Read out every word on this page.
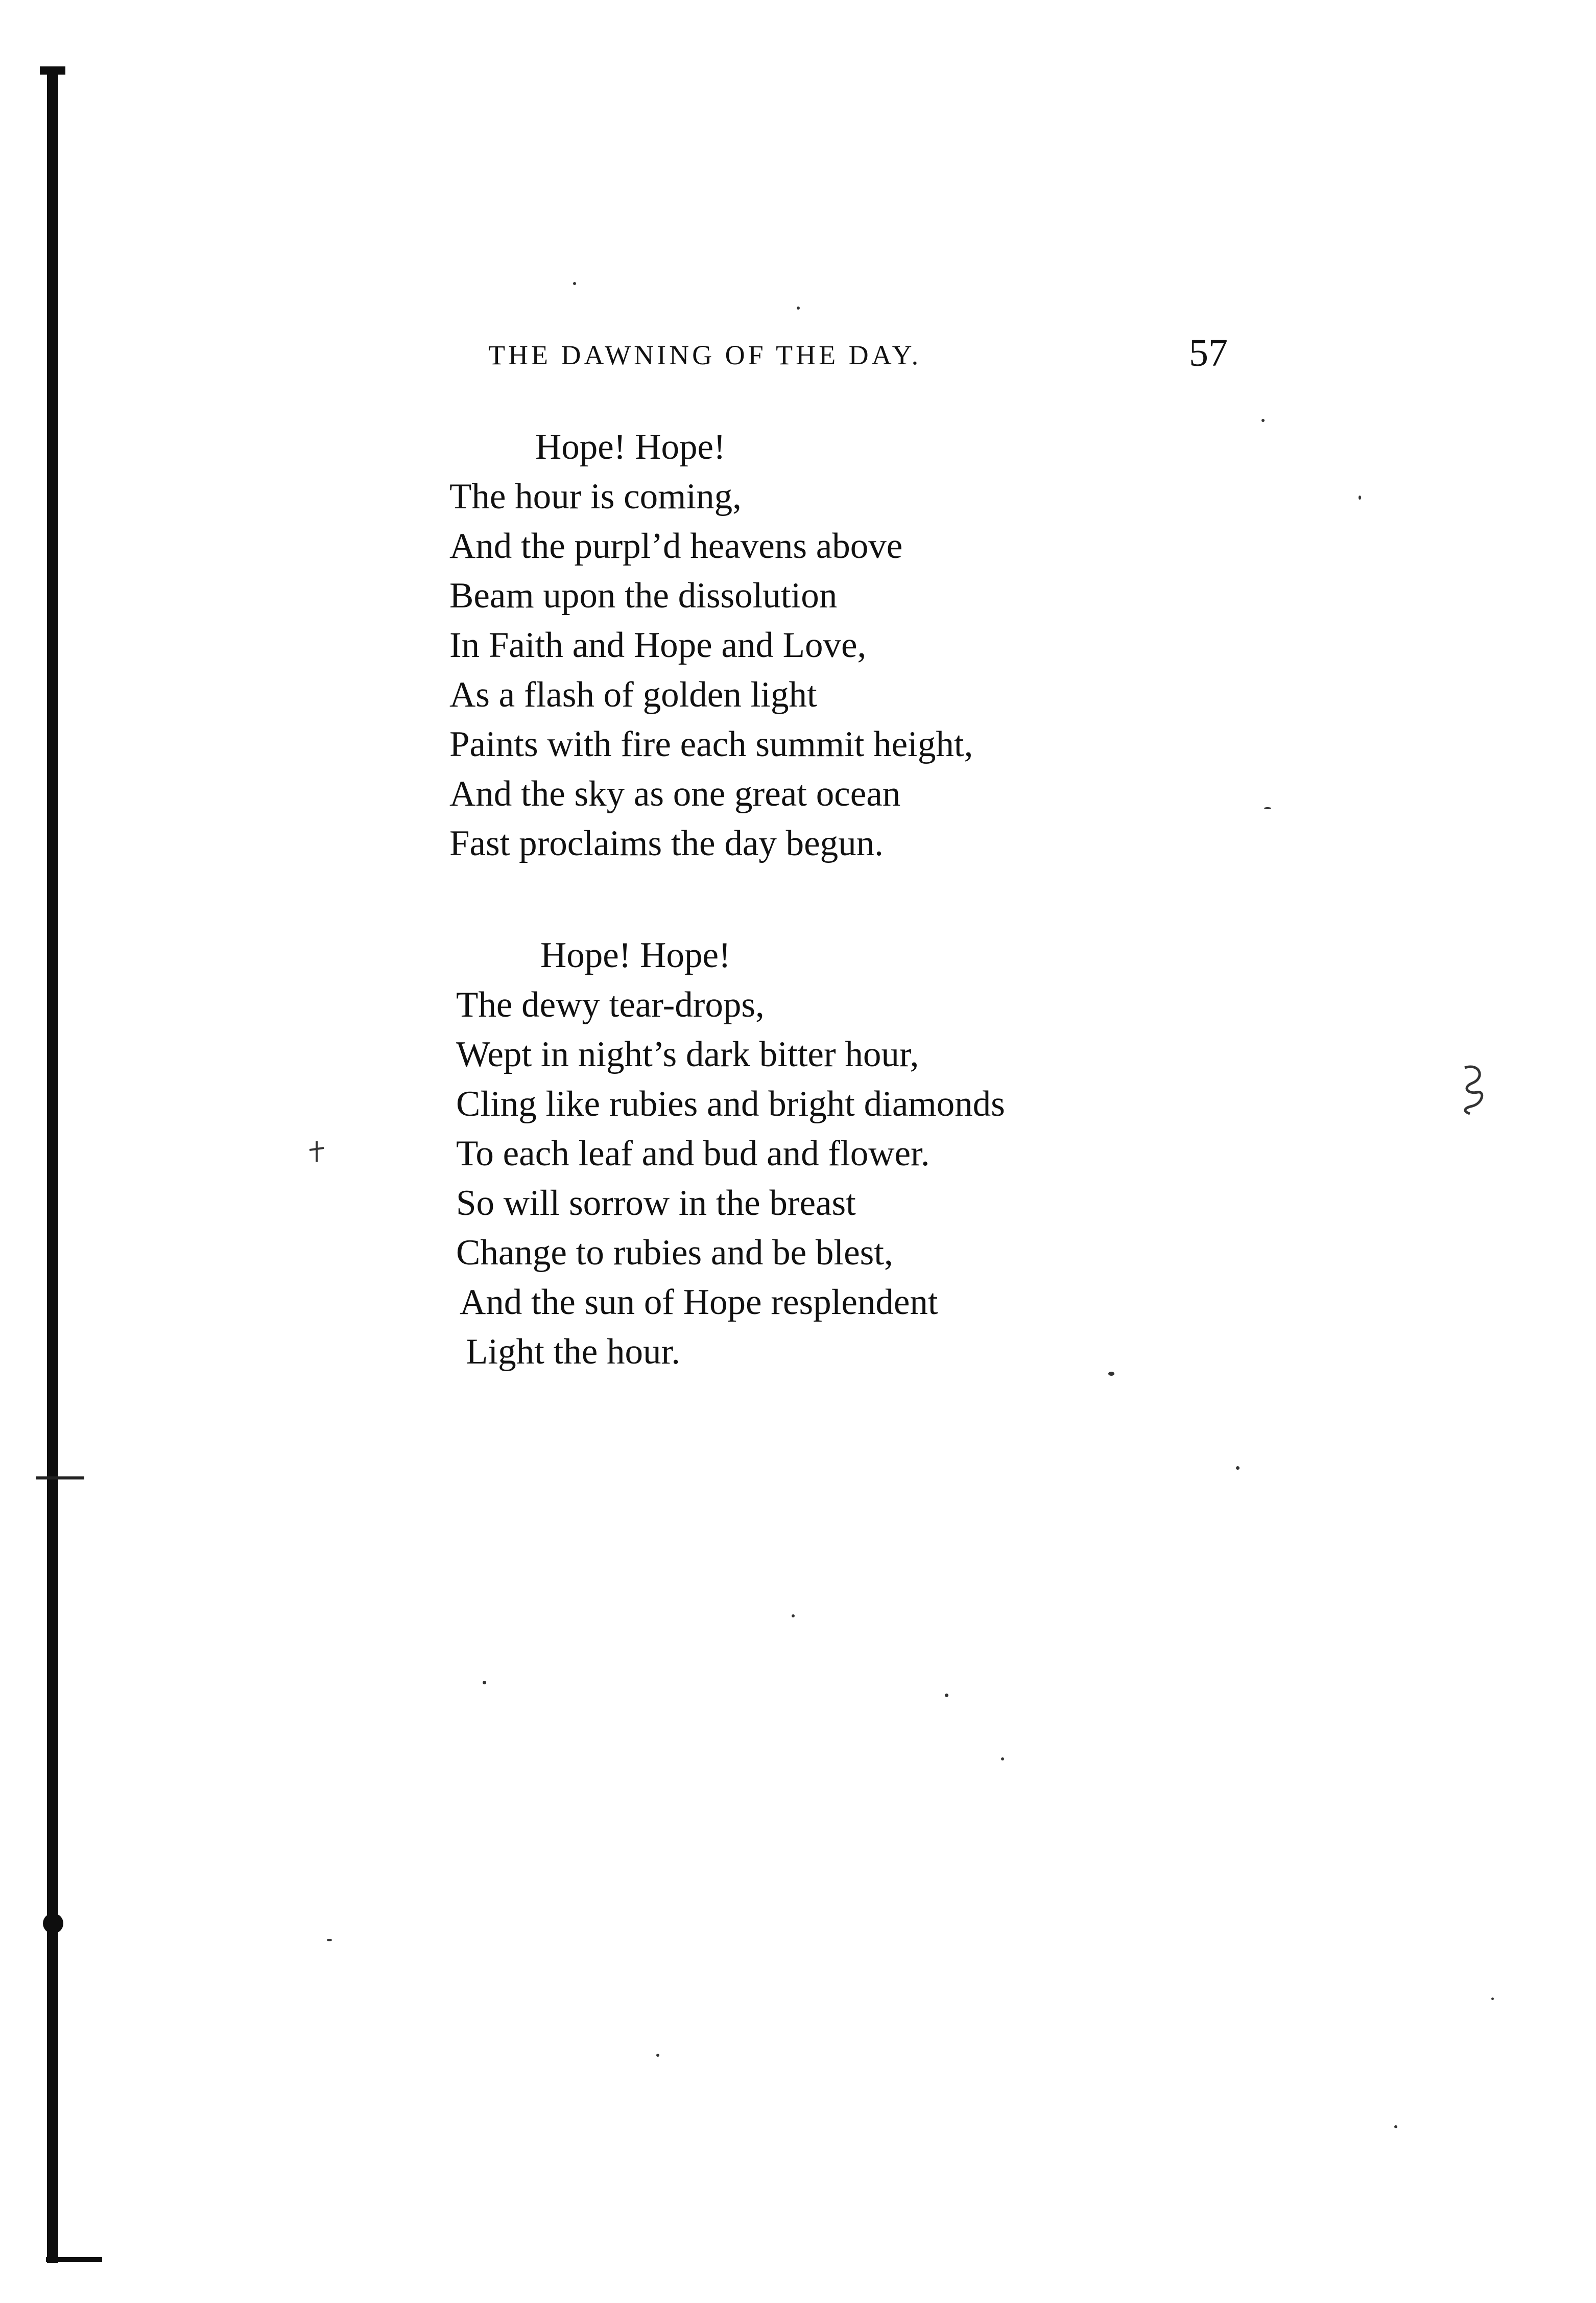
THE DAWNING OF THE DAY.	57
Hope! Hope!
The hour is coming,
And the purpl’d heavens above
Beam upon the dissolution
In Faith and Hope and Love,
As a flash of golden light
Paints with fire each summit height,
And the sky as one great ocean
Fast proclaims the day begun.
Hope! Hope!
The dewy tear-drops,
Wept in night’s dark bitter hour,
Cling like rubies and bright diamonds
To each leaf and bud and flower.
So will sorrow in the breast
Change to rubies and be blest,
And the sun of Hope resplendent
Light the hour.
